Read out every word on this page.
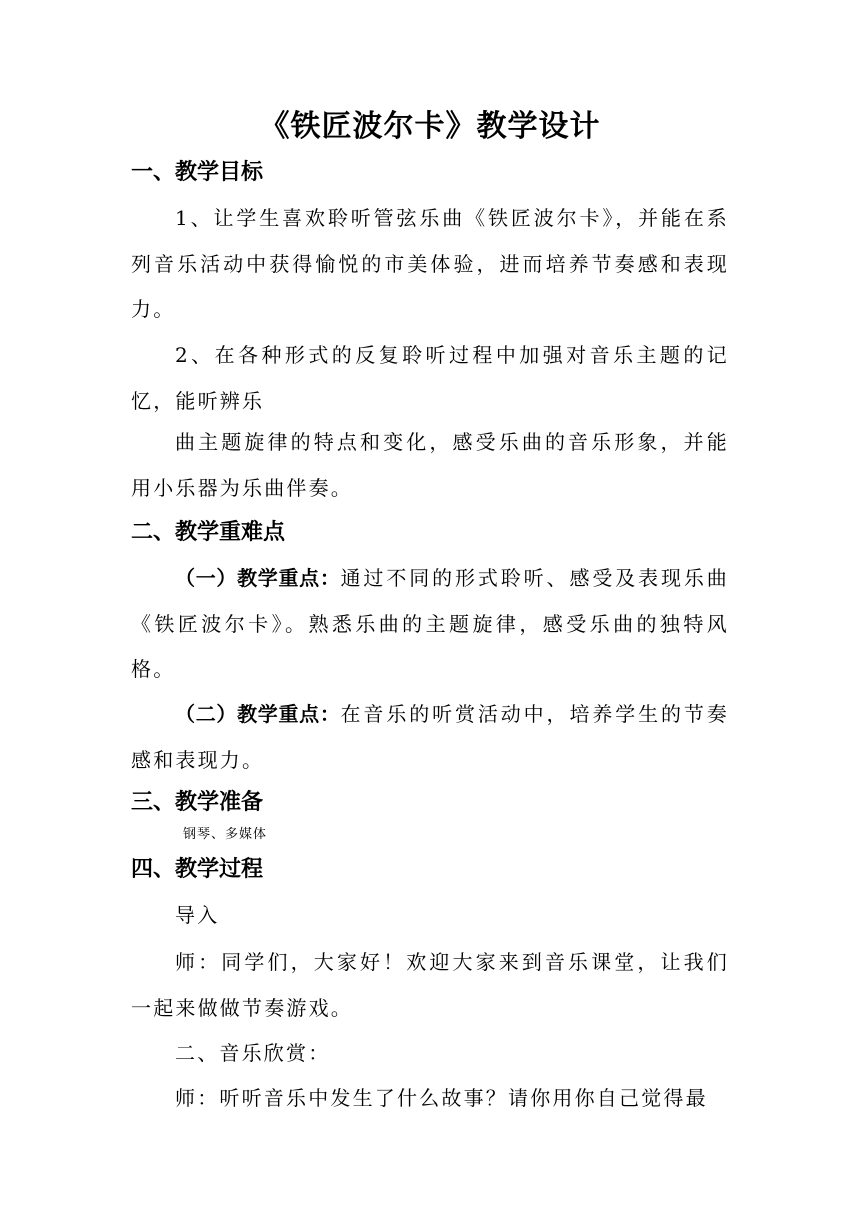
《铁匠波尔卡》教学设计
一、教学目标
1、让学生喜欢聆听管弦乐曲《铁匠波尔卡》，并能在系列音乐活动中获得愉悦的市美体验，进而培养节奏感和表现力。
2、在各种形式的反复聆听过程中加强对音乐主题的记忆，能听辨乐
曲主题旋律的特点和变化，感受乐曲的音乐形象，并能用小乐器为乐曲伴奏。
二、教学重难点
（一）教学重点：通过不同的形式聆听、感受及表现乐曲《铁匠波尔卡》。熟悉乐曲的主题旋律，感受乐曲的独特风格。
（二）教学重点：在音乐的听赏活动中，培养学生的节奏感和表现力。
三、教学准备
钢琴、多媒体
四、教学过程
导入
师：同学们，大家好！欢迎大家来到音乐课堂，让我们一起来做做节奏游戏。
二、音乐欣赏：
师：听听音乐中发生了什么故事？请你用你自己觉得最
